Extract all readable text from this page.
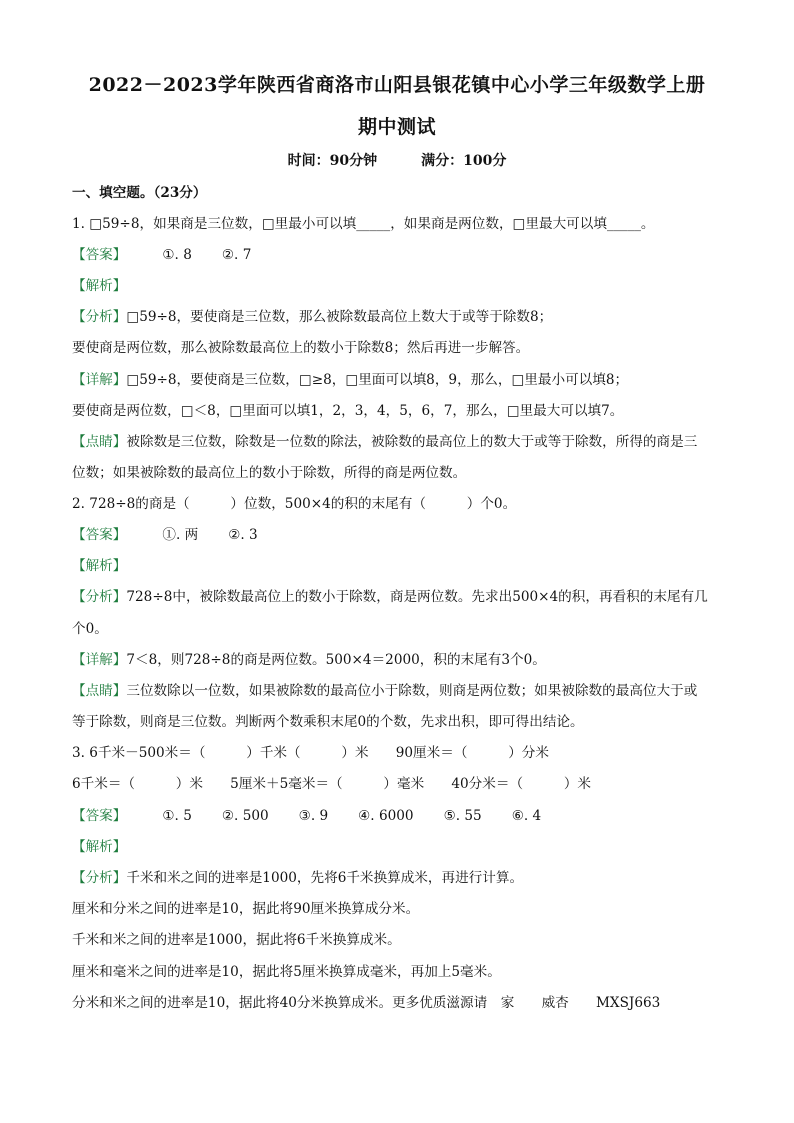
2022－2023学年陕西省商洛市山阳县银花镇中心小学三年级数学上册
期中测试
时间：90分钟	满分：100分
一、填空题。（23分）
1. □59÷8，如果商是三位数，□里最小可以填_____，如果商是两位数，□里最大可以填_____。
【答案】	①. 8 ②. 7
【解析】
【分析】□59÷8，要使商是三位数，那么被除数最高位上数大于或等于除数8；
要使商是两位数，那么被除数最高位上的数小于除数8；然后再进一步解答。
【详解】□59÷8，要使商是三位数，□≥8，□里面可以填8，9，那么，□里最小可以填8；
要使商是两位数，□＜8，□里面可以填1，2，3，4，5，6，7，那么，□里最大可以填7。
【点睛】被除数是三位数，除数是一位数的除法，被除数的最高位上的数大于或等于除数，所得的商是三
位数；如果被除数的最高位上的数小于除数，所得的商是两位数。
2. 728÷8的商是（　　　）位数，500×4的积的末尾有（　　　）个0。
【答案】	①. 两 ②. 3
【解析】
【分析】728÷8中，被除数最高位上的数小于除数，商是两位数。先求出500×4的积，再看积的末尾有几
个0。
【详解】7＜8，则728÷8的商是两位数。500×4＝2000，积的末尾有3个0。
【点睛】三位数除以一位数，如果被除数的最高位小于除数，则商是两位数；如果被除数的最高位大于或
等于除数，则商是三位数。判断两个数乘积末尾0的个数，先求出积，即可得出结论。
3. 6千米－500米＝（　　　）千米（　　　）米　　90厘米＝（　　　）分米
6千米＝（　　　）米　　5厘米＋5毫米＝（　　　）毫米　　40分米＝（　　　）米
【答案】	①. 5 ②. 500 ③. 9 ④. 6000 ⑤. 55 ⑥. 4
【解析】
【分析】千米和米之间的进率是1000，先将6千米换算成米，再进行计算。
厘米和分米之间的进率是10，据此将90厘米换算成分米。
千米和米之间的进率是1000，据此将6千米换算成米。
厘米和毫米之间的进率是10，据此将5厘米换算成毫米，再加上5毫米。
分米和米之间的进率是10，据此将40分米换算成米。更多优质滋源请　家　　威杏　　MXSJ663
